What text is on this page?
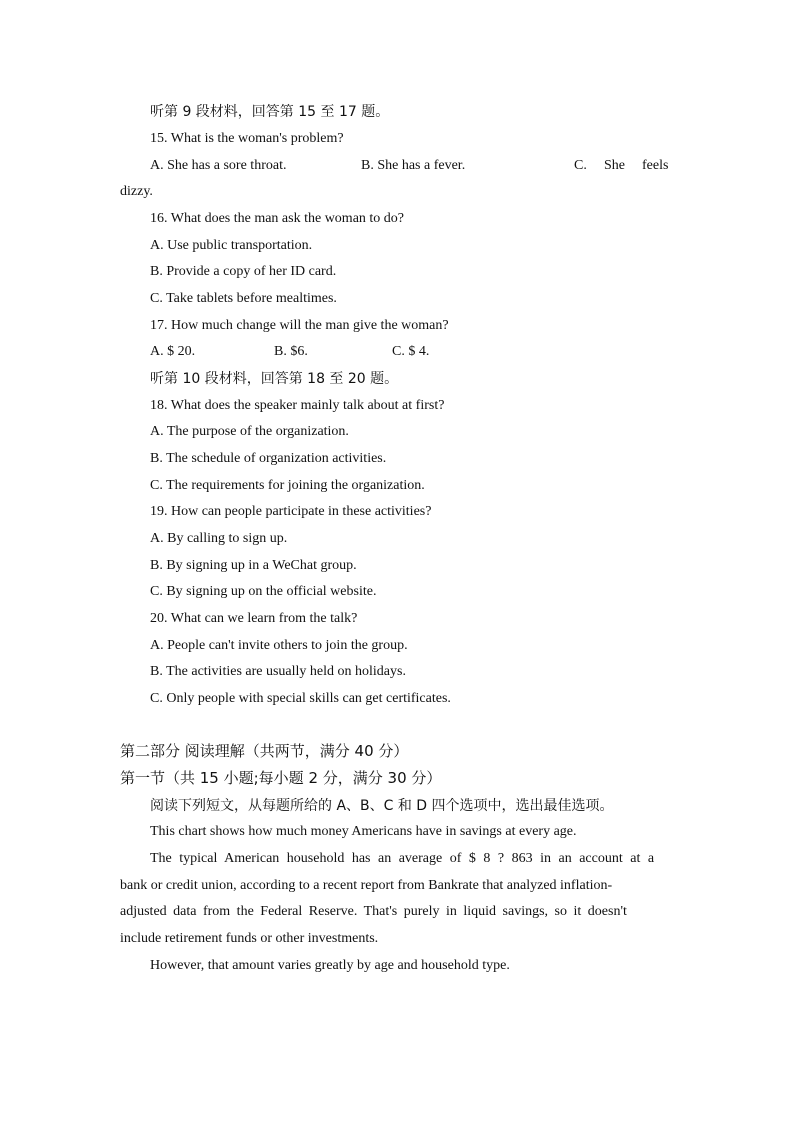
听第 9 段材料，回答第 15 至 17 题。
15. What is the woman's problem?
A. She has a sore throat.	B. She has a fever.	C. She feels
dizzy.
16. What does the man ask the woman to do?
A. Use public transportation.
B. Provide a copy of her ID card.
C. Take tablets before mealtimes.
17. How much change will the man give the woman?
A. $ 20.	B. $6.	C. $ 4.
听第 10 段材料，回答第 18 至 20 题。
18. What does the speaker mainly talk about at first?
A. The purpose of the organization.
B. The schedule of organization activities.
C. The requirements for joining the organization.
19. How can people participate in these activities?
A. By calling to sign up.
B. By signing up in a WeChat group.
C. By signing up on the official website.
20. What can we learn from the talk?
A. People can't invite others to join the group.
B. The activities are usually held on holidays.
C. Only people with special skills can get certificates.
第二部分 阅读理解（共两节，满分 40 分）
第一节（共 15 小题;每小题 2 分，满分 30 分）
阅读下列短文，从每题所给的 A、B、C 和 D 四个选项中，选出最佳选项。
This chart shows how much money Americans have in savings at every age.
The typical American household has an average of $ 8 ? 863 in an account at a
bank or credit union, according to a recent report from Bankrate that analyzed inflation-
adjusted data from the Federal Reserve. That's purely in liquid savings, so it doesn't
include retirement funds or other investments.
However, that amount varies greatly by age and household type.
